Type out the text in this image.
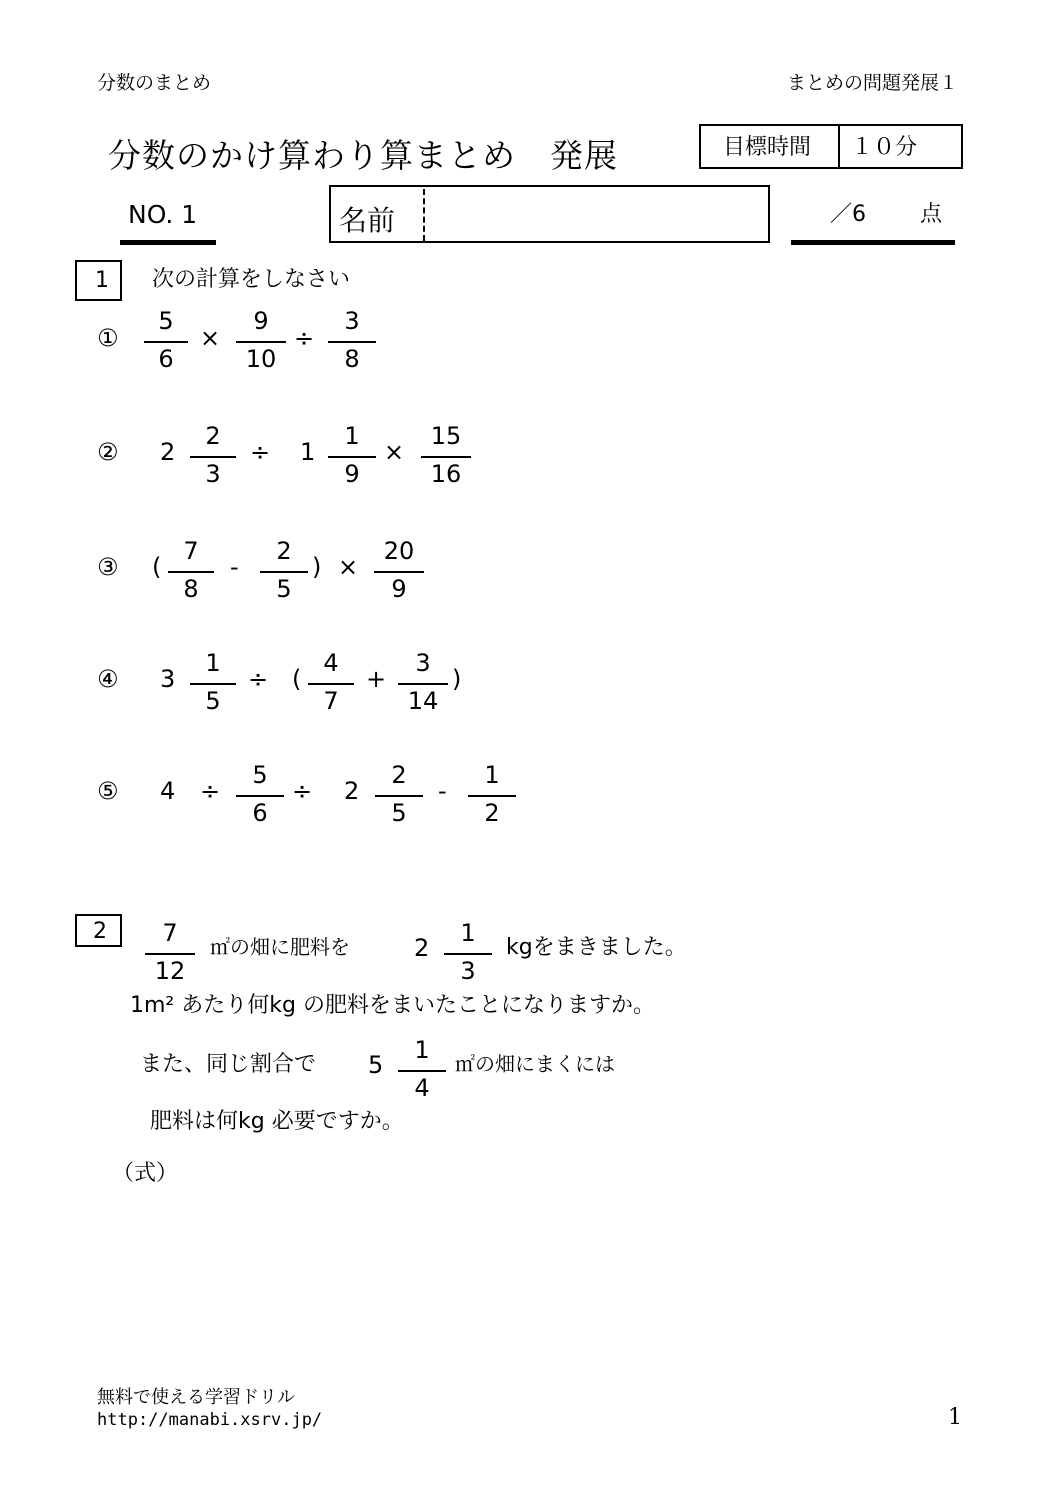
分数のまとめ	まとめの問題発展１
分数のかけ算わり算まとめ　発展	目標時間 １０分
NO. 1	名前	／6 点
1	次の計算をしなさい
①
5
6
×
9
10
÷
3
8
② 2
2
3
÷ 1
1
9
×
15
16
③ (
7
8
-
2
5
) ×
20
9
④ 3
1
5
÷ (
4
7
+
3
14
)
⑤ 4 ÷
5
6
÷ 2
2
5
-
1
2
2	7
12
㎡の畑に肥料を	2
1
3
kgをまきました。
1m² あたり何kg の肥料をまいたことになりますか。
また、同じ割合で 5
1
4
㎡の畑にまくには
肥料は何kg 必要ですか。
（式）
無料で使える学習ドリル
http://manabi.xsrv.jp/	1
